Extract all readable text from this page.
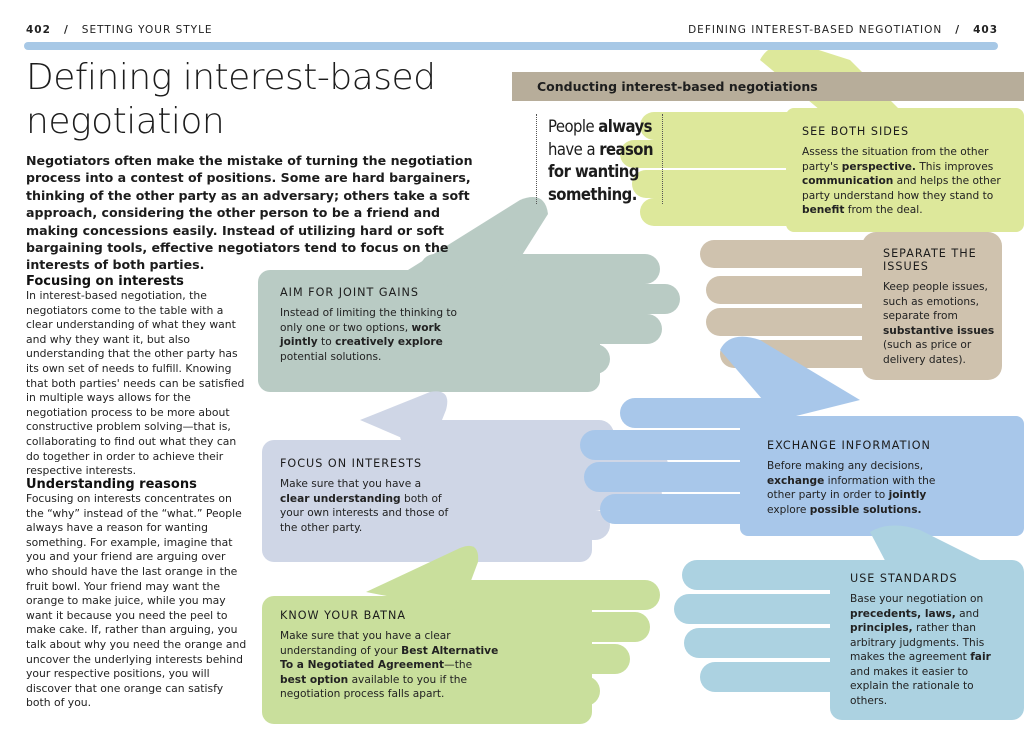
402 / SETTING YOUR STYLE	DEFINING INTEREST-BASED NEGOTIATION / 403
Defining interest-based
negotiation
Negotiators often make the mistake of turning the negotiation process into a contest of positions. Some are hard bargainers, thinking of the other party as an adversary; others take a soft approach, considering the other person to be a friend and making concessions easily. Instead of utilizing hard or soft bargaining tools, effective negotiators tend to focus on the interests of both parties.
Focusing on interests
In interest-based negotiation, the negotiators come to the table with a clear understanding of what they want and why they want it, but also understanding that the other party has its own set of needs to fulfill. Knowing that both parties' needs can be satisfied in multiple ways allows for the negotiation process to be more about constructive problem solving—that is, collaborating to find out what they can do together in order to achieve their respective interests.
Understanding reasons
Focusing on interests concentrates on the “why” instead of the “what.” People always have a reason for wanting something. For example, imagine that you and your friend are arguing over who should have the last orange in the fruit bowl. Your friend may want the orange to make juice, while you may want it because you need the peel to make cake. If, rather than arguing, you talk about why you need the orange and uncover the underlying interests behind your respective positions, you will discover that one orange can satisfy both of you.
Conducting interest-based negotiations
People always
have a reason
for wanting
something.
AIM FOR JOINT GAINS
Instead of limiting the thinking to only one or two options, work jointly to creatively explore potential solutions.
FOCUS ON INTERESTS
Make sure that you have a clear understanding both of your own interests and those of the other party.
KNOW YOUR BATNA
Make sure that you have a clear understanding of your Best Alternative To a Negotiated Agreement—the best option available to you if the negotiation process falls apart.
SEE BOTH SIDES
Assess the situation from the other party's perspective. This improves communication and helps the other party understand how they stand to benefit from the deal.
SEPARATE THE
ISSUES
Keep people issues, such as emotions, separate from substantive issues (such as price or delivery dates).
EXCHANGE INFORMATION
Before making any decisions, exchange information with the other party in order to jointly explore possible solutions.
USE STANDARDS
Base your negotiation on precedents, laws, and principles, rather than arbitrary judgments. This makes the agreement fair and makes it easier to explain the rationale to others.
